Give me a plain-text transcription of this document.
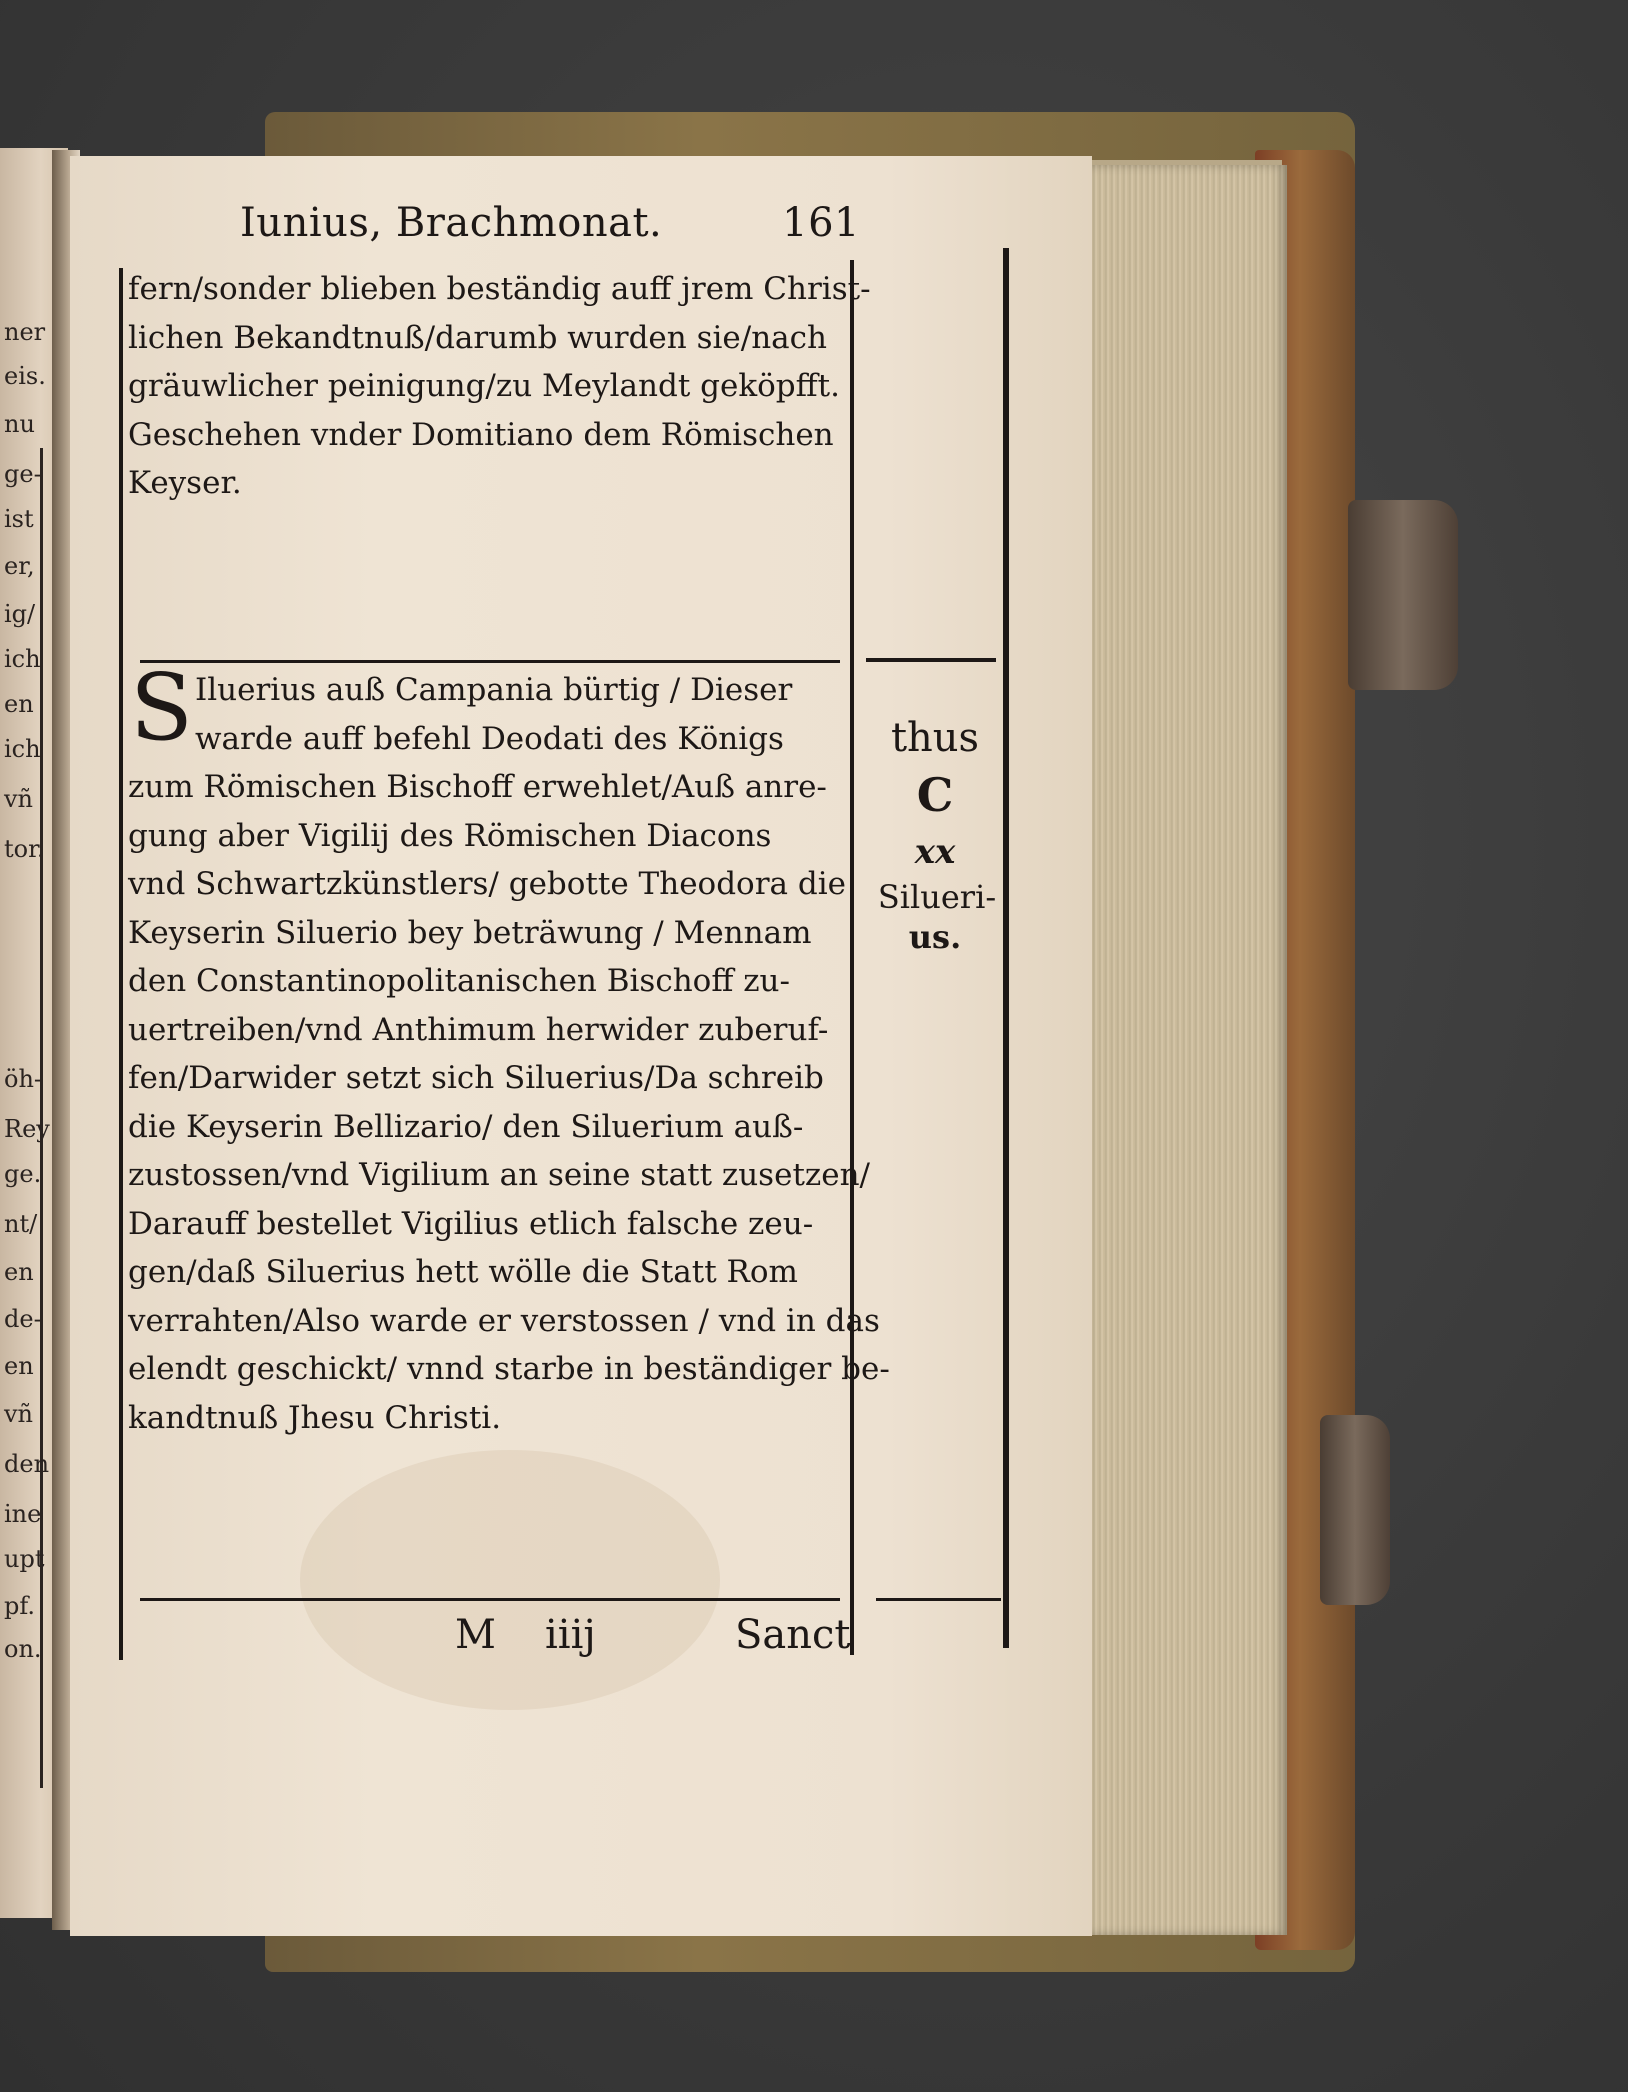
ner
eis.
nu
ge-
ist
er,
ig/
ich
en
ich
vñ
tor.
öh-
Rey
ge.
nt/
en
de-
en
vñ
den
ine
upt
pf.
on.
Iunius, Brachmonat.	161
fern/sonder blieben beständig auff jrem Christ-
lichen Bekandtnuß/darumb wurden sie/nach
gräuwlicher peinigung/zu Meylandt geköpfft.
Geschehen vnder Domitiano dem Römischen
Keyser.
S Iluerius auß Campania bürtig / Dieser
warde auff befehl Deodati des Königs
zum Römischen Bischoff erwehlet/Auß anre-
gung aber Vigilij des Römischen Diacons
vnd Schwartzkünstlers/ gebotte Theodora die
Keyserin Siluerio bey beträwung / Mennam
den Constantinopolitanischen Bischoff zu-
uertreiben/vnd Anthimum herwider zuberuf-
fen/Darwider setzt sich Siluerius/Da schreib
die Keyserin Bellizario/ den Siluerium auß-
zustossen/vnd Vigilium an seine statt zusetzen/
Darauff bestellet Vigilius etlich falsche zeu-
gen/daß Siluerius hett wölle die Statt Rom
verrahten/Also warde er verstossen / vnd in das
elendt geschickt/ vnnd starbe in beständiger be-
kandtnuß Jhesu Christi.
thus
C
xx
Silueri-
us.
M iiij	Sanct
